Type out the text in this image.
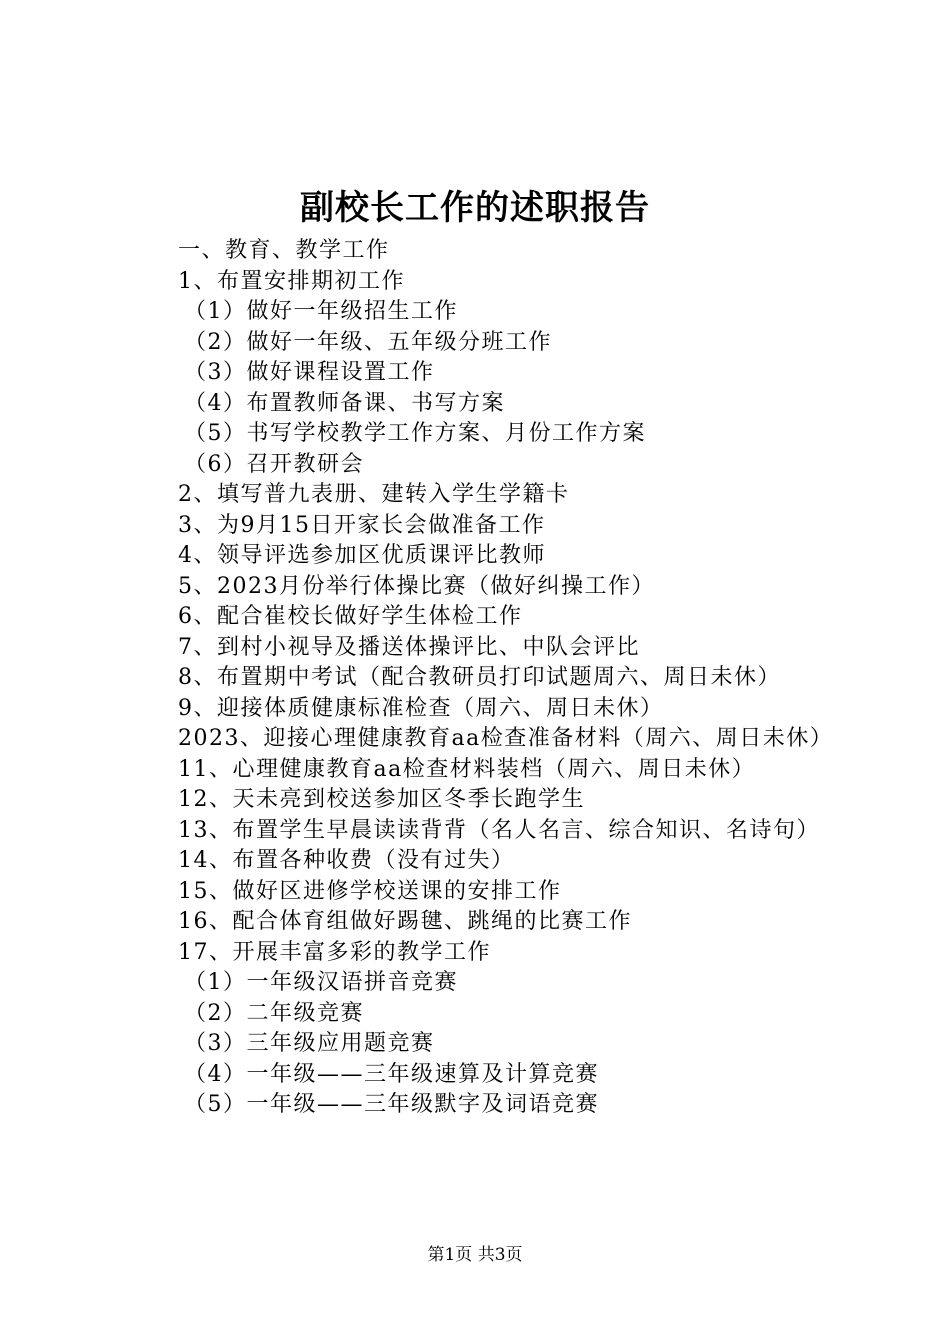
副校长工作的述职报告
一、教育、教学工作
1、布置安排期初工作
（1）做好一年级招生工作
（2）做好一年级、五年级分班工作
（3）做好课程设置工作
（4）布置教师备课、书写方案
（5）书写学校教学工作方案、月份工作方案
（6）召开教研会
2、填写普九表册、建转入学生学籍卡
3、为9月15日开家长会做准备工作
4、领导评选参加区优质课评比教师
5、2023月份举行体操比赛（做好纠操工作）
6、配合崔校长做好学生体检工作
7、到村小视导及播送体操评比、中队会评比
8、布置期中考试（配合教研员打印试题周六、周日未休）
9、迎接体质健康标准检查（周六、周日未休）
2023、迎接心理健康教育aa检查准备材料（周六、周日未休）
11、心理健康教育aa检查材料装档（周六、周日未休）
12、天未亮到校送参加区冬季长跑学生
13、布置学生早晨读读背背（名人名言、综合知识、名诗句）
14、布置各种收费（没有过失）
15、做好区进修学校送课的安排工作
16、配合体育组做好踢毽、跳绳的比赛工作
17、开展丰富多彩的教学工作
（1）一年级汉语拼音竞赛
（2）二年级竞赛
（3）三年级应用题竞赛
（4）一年级——三年级速算及计算竞赛
（5）一年级——三年级默字及词语竞赛
第1页 共3页
